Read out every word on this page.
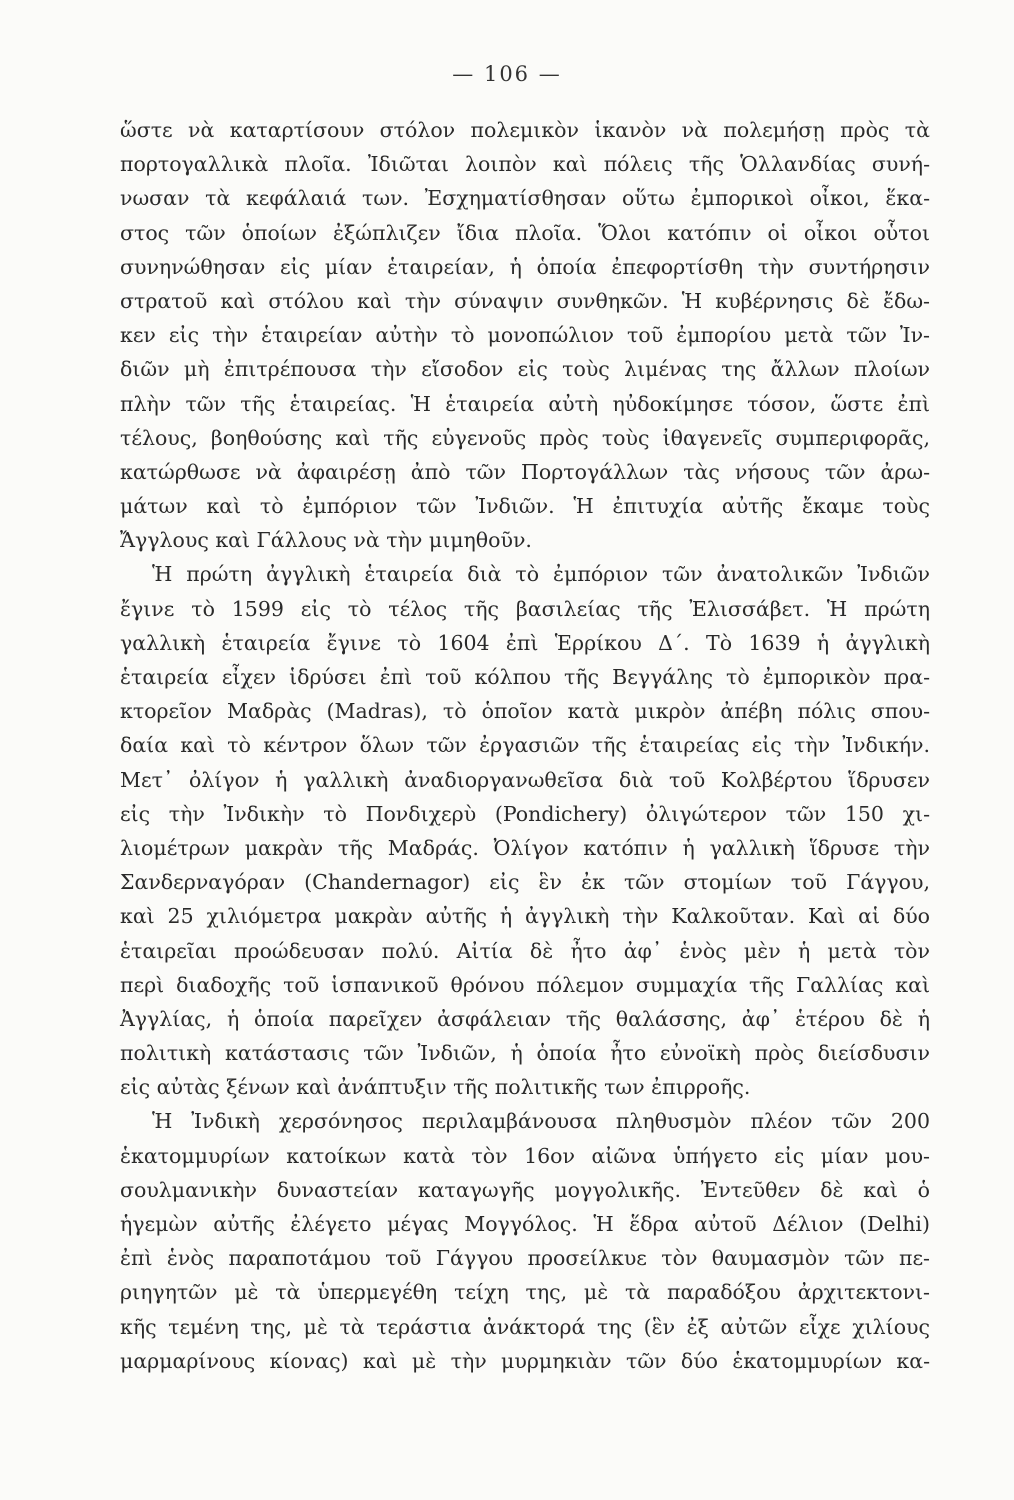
— 106 —
ὥστε νὰ καταρτίσουν στόλον πολεμικὸν ἱκανὸν νὰ πολεμήσῃ πρὸς τὰ
πορτογαλλικὰ πλοῖα. Ἰδιῶται λοιπὸν καὶ πόλεις τῆς Ὁλλανδίας συνή-
νωσαν τὰ κεφάλαιά των. Ἐσχηματίσθησαν οὕτω ἐμπορικοὶ οἶκοι, ἕκα-
στος τῶν ὁποίων ἐξώπλιζεν ἴδια πλοῖα. Ὅλοι κατόπιν οἱ οἶκοι οὗτοι
συνηνώθησαν εἰς μίαν ἑταιρείαν, ἡ ὁποία ἐπεφορτίσθη τὴν συντήρησιν
στρατοῦ καὶ στόλου καὶ τὴν σύναψιν συνθηκῶν. Ἡ κυβέρνησις δὲ ἔδω-
κεν εἰς τὴν ἑταιρείαν αὐτὴν τὸ μονοπώλιον τοῦ ἐμπορίου μετὰ τῶν Ἰν-
διῶν μὴ ἐπιτρέπουσα τὴν εἴσοδον εἰς τοὺς λιμένας της ἄλλων πλοίων
πλὴν τῶν τῆς ἑταιρείας. Ἡ ἑταιρεία αὐτὴ ηὐδοκίμησε τόσον, ὥστε ἐπὶ
τέλους, βοηθούσης καὶ τῆς εὐγενοῦς πρὸς τοὺς ἰθαγενεῖς συμπεριφορᾶς,
κατώρθωσε νὰ ἀφαιρέσῃ ἀπὸ τῶν Πορτογάλλων τὰς νήσους τῶν ἀρω-
μάτων καὶ τὸ ἐμπόριον τῶν Ἰνδιῶν. Ἡ ἐπιτυχία αὐτῆς ἔκαμε τοὺς
Ἄγγλους καὶ Γάλλους νὰ τὴν μιμηθοῦν.
Ἡ πρώτη ἀγγλικὴ ἑταιρεία διὰ τὸ ἐμπόριον τῶν ἀνατολικῶν Ἰνδιῶν
ἔγινε τὸ 1599 εἰς τὸ τέλος τῆς βασιλείας τῆς Ἐλισσάβετ. Ἡ πρώτη
γαλλικὴ ἑταιρεία ἔγινε τὸ 1604 ἐπὶ Ἑρρίκου Δ΄. Τὸ 1639 ἡ ἀγγλικὴ
ἑταιρεία εἶχεν ἱδρύσει ἐπὶ τοῦ κόλπου τῆς Βεγγάλης τὸ ἐμπορικὸν πρα-
κτορεῖον Μαδρὰς (Madras), τὸ ὁποῖον κατὰ μικρὸν ἀπέβη πόλις σπου-
δαία καὶ τὸ κέντρον ὅλων τῶν ἐργασιῶν τῆς ἑταιρείας εἰς τὴν Ἰνδικήν.
Μετ᾽ ὀλίγον ἡ γαλλικὴ ἀναδιοργανωθεῖσα διὰ τοῦ Κολβέρτου ἵδρυσεν
εἰς τὴν Ἰνδικὴν τὸ Πονδιχερὺ (Pondichery) ὀλιγώτερον τῶν 150 χι-
λιομέτρων μακρὰν τῆς Μαδράς. Ὀλίγον κατόπιν ἡ γαλλικὴ ἵδρυσε τὴν
Σανδερναγόραν (Chandernagor) εἰς ἓν ἐκ τῶν στομίων τοῦ Γάγγου,
καὶ 25 χιλιόμετρα μακρὰν αὐτῆς ἡ ἀγγλικὴ τὴν Καλκοῦταν. Καὶ αἱ δύο
ἑταιρεῖαι προώδευσαν πολύ. Αἰτία δὲ ἦτο ἀφ᾽ ἑνὸς μὲν ἡ μετὰ τὸν
περὶ διαδοχῆς τοῦ ἱσπανικοῦ θρόνου πόλεμον συμμαχία τῆς Γαλλίας καὶ
Ἀγγλίας, ἡ ὁποία παρεῖχεν ἀσφάλειαν τῆς θαλάσσης, ἀφ᾽ ἑτέρου δὲ ἡ
πολιτικὴ κατάστασις τῶν Ἰνδιῶν, ἡ ὁποία ἦτο εὐνοϊκὴ πρὸς διείσδυσιν
εἰς αὐτὰς ξένων καὶ ἀνάπτυξιν τῆς πολιτικῆς των ἐπιρροῆς.
Ἡ Ἰνδικὴ χερσόνησος περιλαμβάνουσα πληθυσμὸν πλέον τῶν 200
ἑκατομμυρίων κατοίκων κατὰ τὸν 16ον αἰῶνα ὑπήγετο εἰς μίαν μου-
σουλμανικὴν δυναστείαν καταγωγῆς μογγολικῆς. Ἐντεῦθεν δὲ καὶ ὁ
ἡγεμὼν αὐτῆς ἐλέγετο μέγας Μογγόλος. Ἡ ἕδρα αὐτοῦ Δέλιον (Delhi)
ἐπὶ ἑνὸς παραποτάμου τοῦ Γάγγου προσείλκυε τὸν θαυμασμὸν τῶν πε-
ριηγητῶν μὲ τὰ ὑπερμεγέθη τείχη της, μὲ τὰ παραδόξου ἀρχιτεκτονι-
κῆς τεμένη της, μὲ τὰ τεράστια ἀνάκτορά της (ἓν ἐξ αὐτῶν εἶχε χιλίους
μαρμαρίνους κίονας) καὶ μὲ τὴν μυρμηκιὰν τῶν δύο ἑκατομμυρίων κα-
